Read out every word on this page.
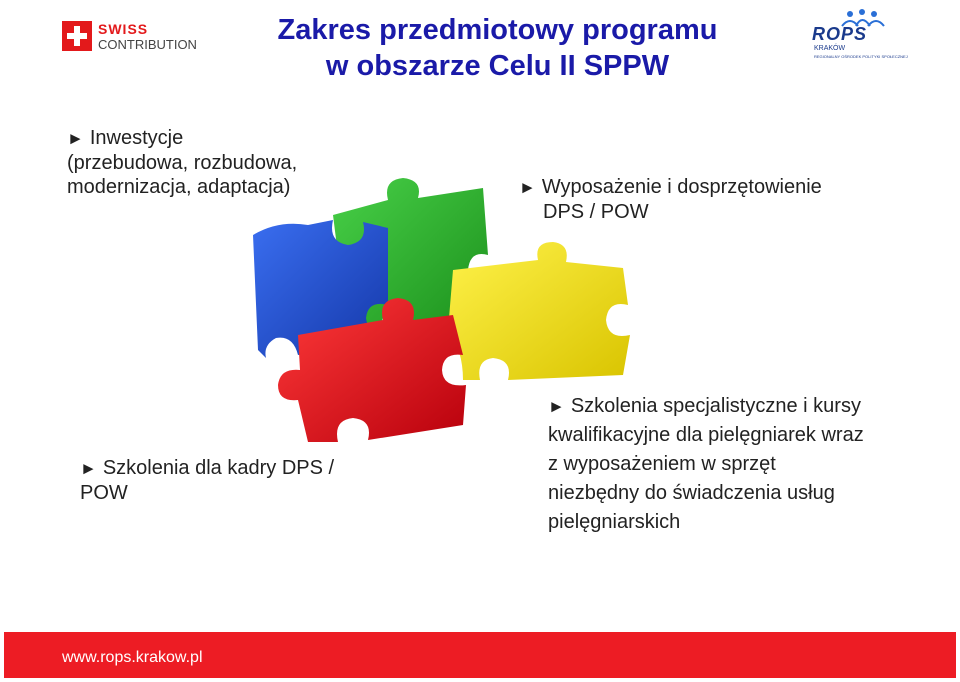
SWISS
CONTRIBUTION	Zakres przedmiotowy programu
w obszarze Celu II SPPW
ROPS
KRAKÓW
REGIONALNY OŚRODEK POLITYKI SPOŁECZNEJ
► Inwestycje
(przebudowa, rozbudowa,
modernizacja, adaptacja)	► Wyposażenie i dosprzętowienie
DPS / POW
► Szkolenia dla kadry DPS /
POW
► Szkolenia specjalistyczne i kursy
kwalifikacyjne dla pielęgniarek wraz
z wyposażeniem w sprzęt
niezbędny do świadczenia usług
pielęgniarskich
www.rops.krakow.pl
